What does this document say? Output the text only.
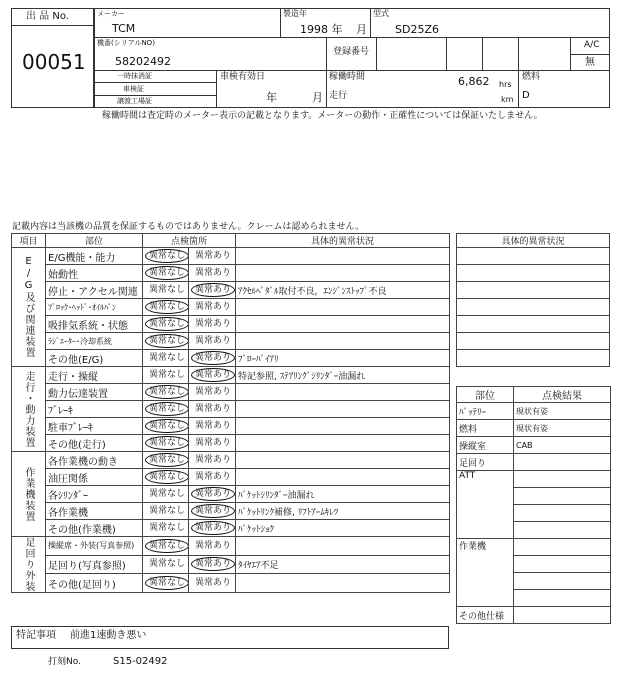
出 品 No.
00051
メーカー
TCM
製造年
1998 年 月
型式
SD25Z6
機番(シリアルNO)
58202492
登録番号
A/C
無
一時抹消証
車検証
譲渡工場証
車検有効日
年	月
稼働時間	6,862 hrs
走行	km
燃料
D
稼働時間は査定時のメーター表示の記載となります。メーターの動作・正確性については保証いたしません。
記載内容は当該機の品質を保証するものではありません。クレームは認められません。
項目	部位	点検箇所		具体的異常状況

E/G及び関連装置	E/G機能・能力	異常なし	異常あり	
	始動性	異常なし	異常あり	
	停止・アクセル関連	異常なし	異常あり	ｱｸｾﾙﾍﾟﾀﾞﾙ取付不良，ｴﾝｼﾞﾝｽﾄｯﾌﾟ不良
	ﾌﾞﾛｯｸ･ﾍｯﾄﾞ･ｵｲﾙﾊﾟﾝ	異常なし	異常あり	
	吸排気系統・状態	異常なし	異常あり	
	ﾗｼﾞｴｰﾀｰ･冷却系統	異常なし	異常あり	
	その他(E/G)	異常なし	異常あり	ﾌﾞﾛｰﾊﾞｲｱﾘ

走行・動力装置	走行・操縦	異常なし	異常あり	特記参照, ｽﾃｱﾘﾝｸﾞｼﾘﾝﾀﾞｰ油漏れ
	動力伝達装置	異常なし	異常あり	
	ﾌﾞﾚｰｷ	異常なし	異常あり	
	駐車ﾌﾞﾚｰｷ	異常なし	異常あり	
	その他(走行)	異常なし	異常あり	

作業機装置	各作業機の動き	異常なし	異常あり	
	油圧関係	異常なし	異常あり	
	各ｼﾘﾝﾀﾞｰ	異常なし	異常あり	ﾊﾞｹｯﾄｼﾘﾝﾀﾞｰ油漏れ
	各作業機	異常なし	異常あり	ﾊﾞｹｯﾄﾘﾝｸ補修, ﾘﾌﾄｱｰﾑｷﾚﾂ
	その他(作業機)	異常なし	異常あり	ﾊﾞｹｯﾄｼｮｸ

足回り外装	操縦席・外装(写真参照)	異常なし	異常あり	
	足回り(写真参照)	異常なし	異常あり	ﾀｲﾔｴｱ不足
	その他(足回り)	異常なし	異常あり	
具体的異常状況

部位	点検結果
ﾊﾞｯﾃﾘｰ	現状有姿
燃料	現状有姿
操縦室	CAB
足回り	
ATT	

作業機	

その他仕様	
特記事項 前進1速動き悪い
打刻No.	S15-02492
